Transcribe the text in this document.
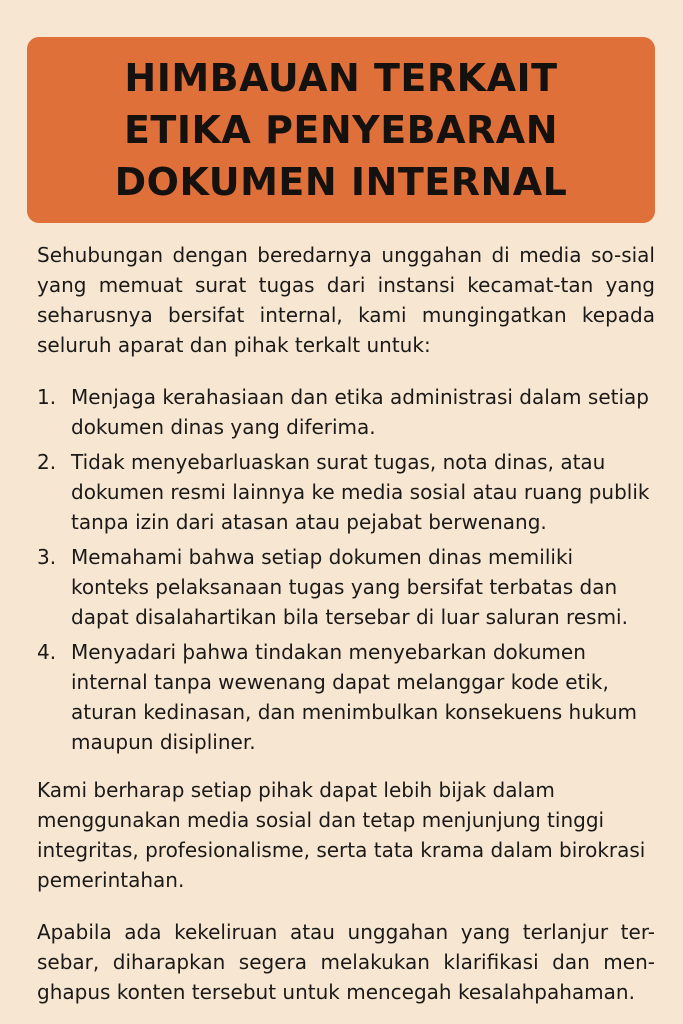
HIMBAUAN TERKAIT
ETIKA PENYEBARAN
DOKUMEN INTERNAL

Sehubungan dengan beredarnya unggahan di media so-sial yang memuat surat tugas dari instansi kecamat-tan yang seharusnya bersifat internal, kami mungingatkan kepada seluruh aparat dan pihak terkalt untuk:

1. Menjaga kerahasiaan dan etika administrasi dalam setiap dokumen dinas yang diferima.
2. Tidak menyebarluaskan surat tugas, nota dinas, atau dokumen resmi lainnya ke media sosial atau ruang publik tanpa izin dari atasan atau pejabat berwenang.
3. Memahami bahwa setiap dokumen dinas memiliki konteks pelaksanaan tugas yang bersifat terbatas dan dapat disalahartikan bila tersebar di luar saluran resmi.
4. Menyadari þahwa tindakan menyebarkan dokumen internal tanpa wewenang dapat melanggar kode etik, aturan kedinasan, dan menimbulkan konsekuens hukum maupun disipliner.

Kami berharap setiap pihak dapat lebih bijak dalam menggunakan media sosial dan tetap menjunjung tinggi integritas, profesionalisme, serta tata krama dalam birokrasi pemerintahan.

Apabila ada kekeliruan atau unggahan yang terlanjur ter-sebar, diharapkan segera melakukan klarifikasi dan men-ghapus konten tersebut untuk mencegah kesalahpahaman.
